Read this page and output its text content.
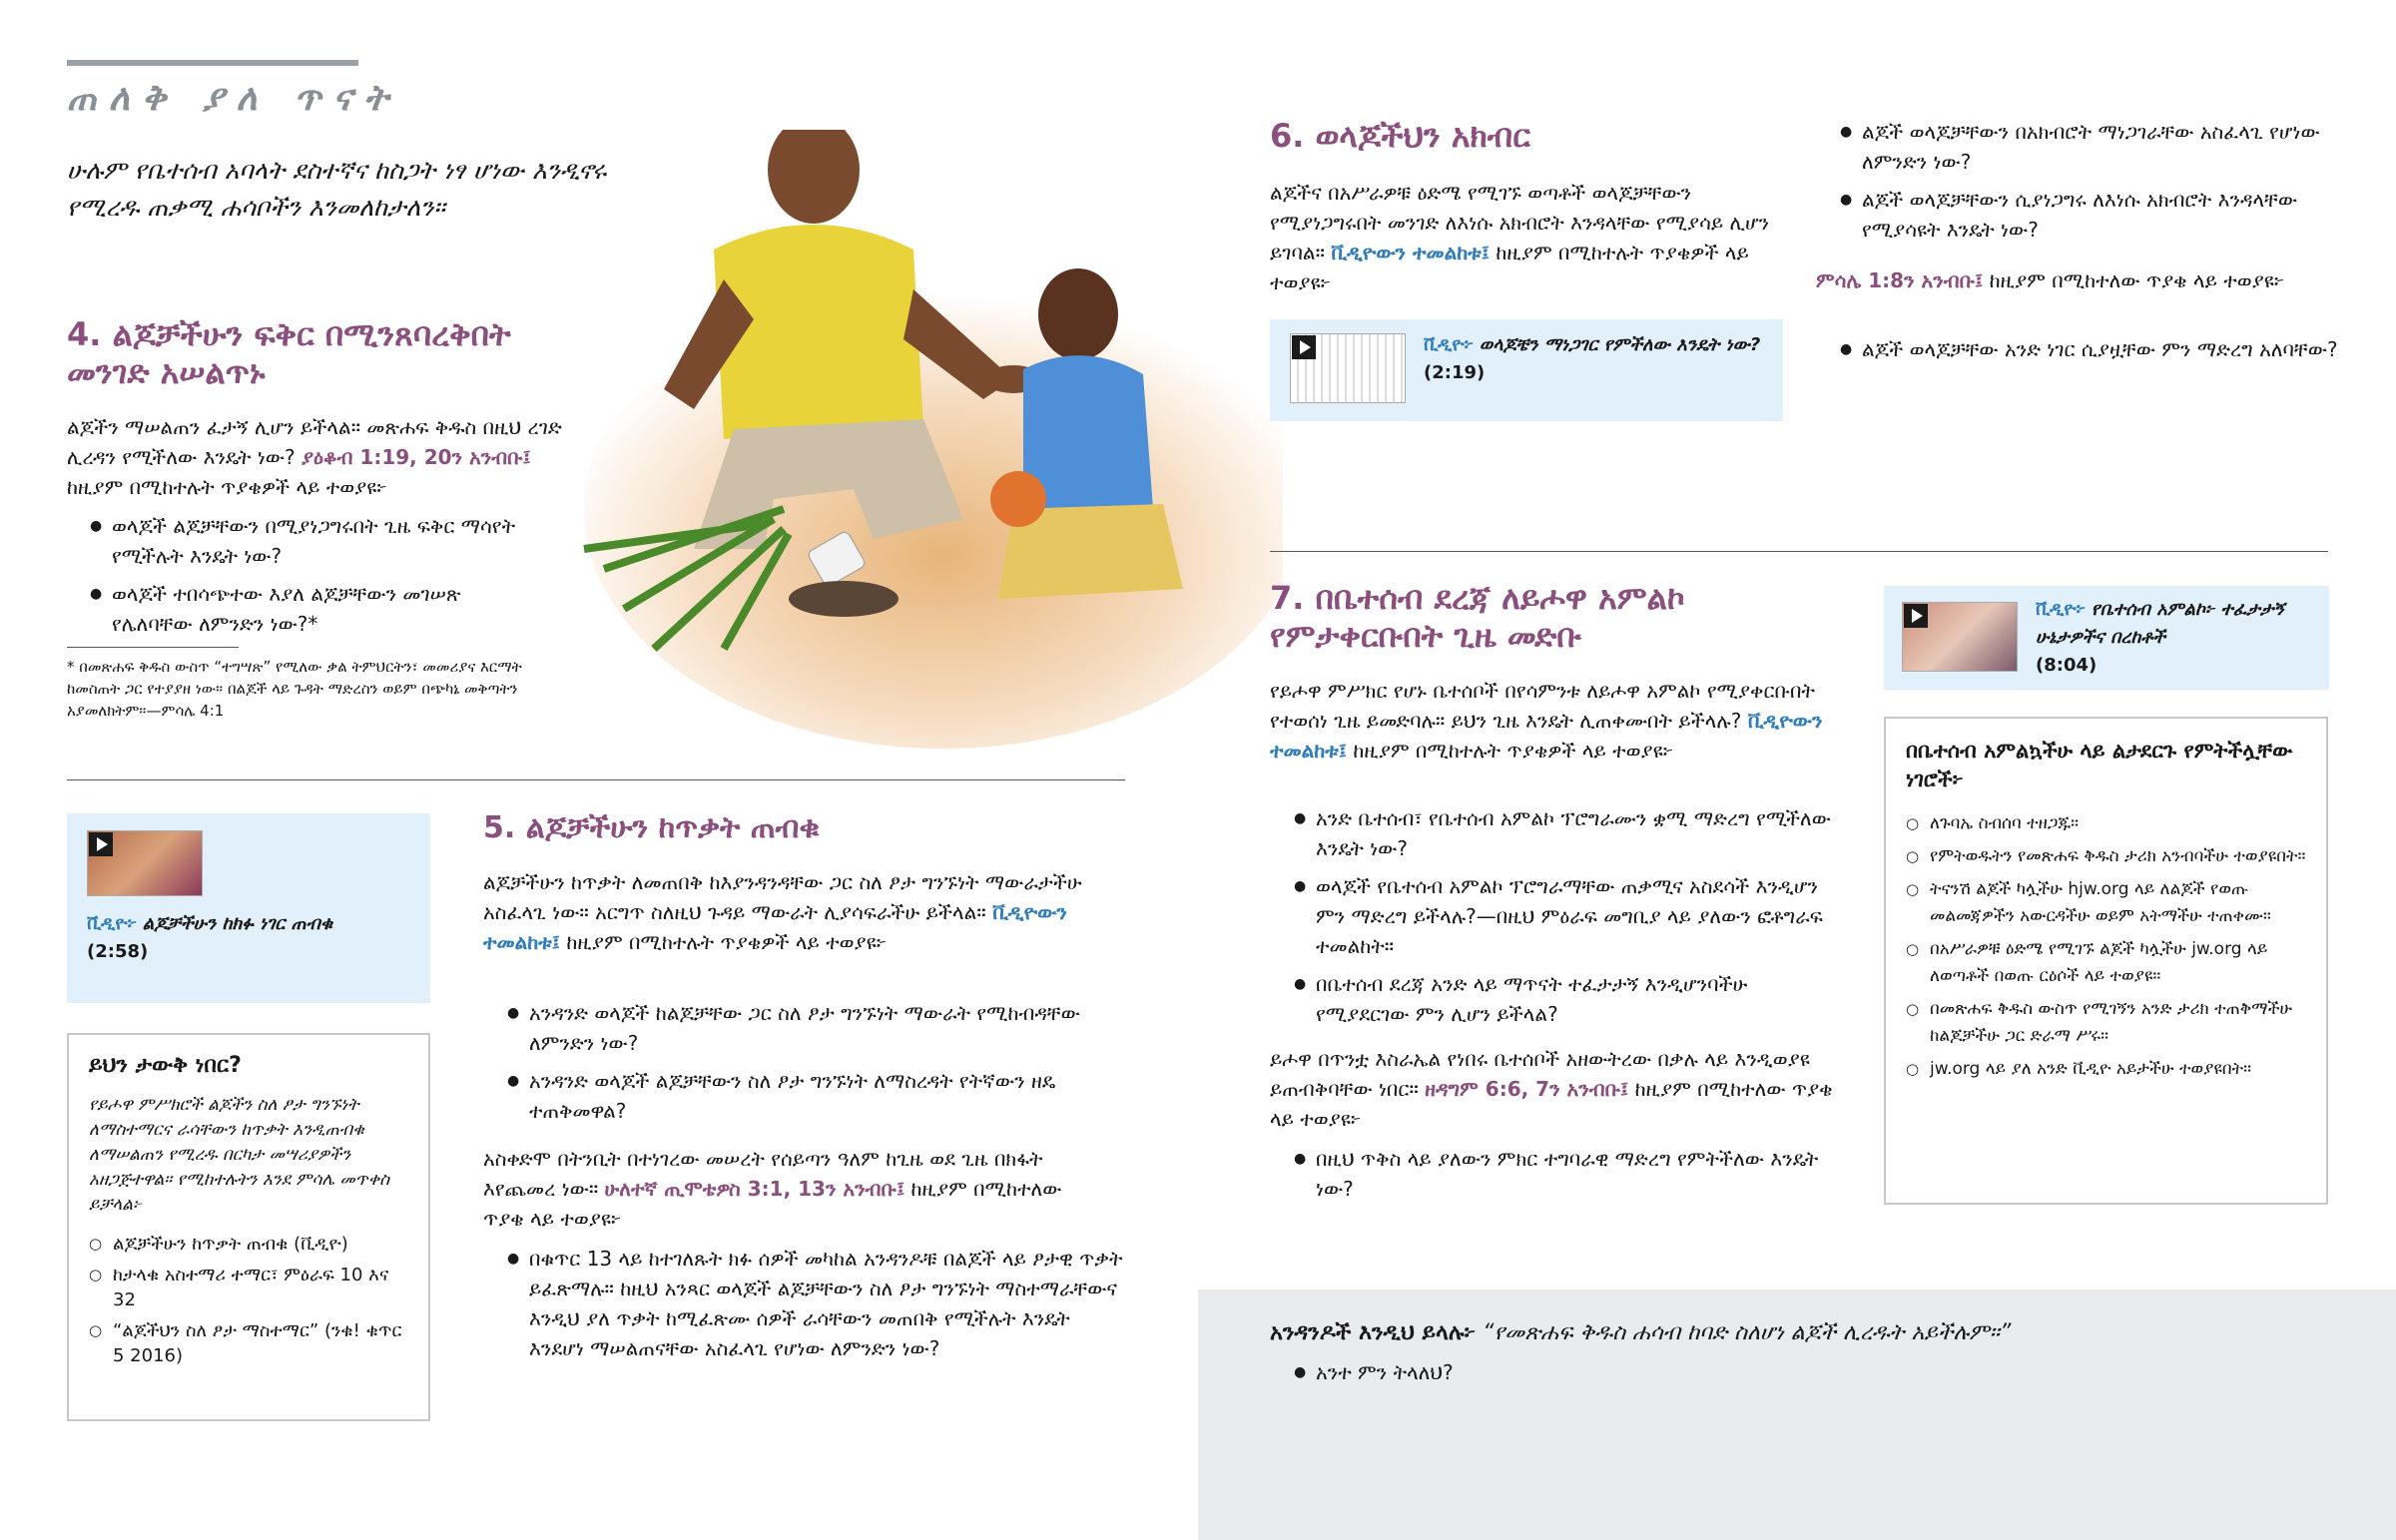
ጠለቅ ያለ ጥናት
ሁሉም የቤተሰብ አባላት ደስተኛና ከስጋት ነፃ ሆነው እንዲኖሩ የሚረዱ ጠቃሚ ሐሳቦችን እንመለከታለን።
4. ልጆቻችሁን ፍቅር በሚንጸባረቅበት መንገድ አሠልጥኑ
ልጆችን ማሠልጠን ፈታኝ ሊሆን ይችላል። መጽሐፍ ቅዱስ በዚህ ረገድ ሊረዳን የሚችለው እንዴት ነው? ያዕቆብ 1:19, 20ን አንብቡ፤ ከዚያም በሚከተሉት ጥያቄዎች ላይ ተወያዩ፦
● ወላጆች ልጆቻቸውን በሚያነጋግሩበት ጊዜ ፍቅር ማሳየት የሚችሉት እንዴት ነው?
● ወላጆች ተበሳጭተው እያለ ልጆቻቸውን መገሠጽ የሌለባቸው ለምንድን ነው?*
* በመጽሐፍ ቅዱስ ውስጥ “ተግሣጽ” የሚለው ቃል ትምህርትን፣ መመሪያና እርማት ከመስጠት ጋር የተያያዘ ነው። በልጆች ላይ ጉዳት ማድረስን ወይም በጭካኔ መቅጣትን አያመለክትም።—ምሳሌ 4:1
ቪዲዮ፦ ልጆቻችሁን ከክፉ ነገር ጠብቁ
(2:58)
ይህን ታውቅ ነበር?
የይሖዋ ምሥክሮች ልጆችን ስለ ፆታ ግንኙነት ለማስተማርና ራሳቸውን ከጥቃት እንዲጠብቁ ለማሠልጠን የሚረዱ በርካታ መሣሪያዎችን አዘጋጅተዋል። የሚከተሉትን እንደ ምሳሌ መጥቀስ ይቻላል፦
○ ልጆቻችሁን ከጥቃት ጠብቁ (ቪዲዮ)
○ ከታላቁ አስተማሪ ተማር፣ ምዕራፍ 10 እና 32
○ “ልጆችህን ስለ ፆታ ማስተማር” (ንቁ! ቁጥር 5 2016)
5. ልጆቻችሁን ከጥቃት ጠብቁ
ልጆቻችሁን ከጥቃት ለመጠበቅ ከእያንዳንዳቸው ጋር ስለ ፆታ ግንኙነት ማውራታችሁ አስፈላጊ ነው። አርግጥ ስለዚህ ጉዳይ ማውራት ሊያሳፍራችሁ ይችላል። ቪዲዮውን ተመልከቱ፤ ከዚያም በሚከተሉት ጥያቄዎች ላይ ተወያዩ፦
● አንዳንድ ወላጆች ከልጆቻቸው ጋር ስለ ፆታ ግንኙነት ማውራት የሚከብዳቸው ለምንድን ነው?
● አንዳንድ ወላጆች ልጆቻቸውን ስለ ፆታ ግንኙነት ለማስረዳት የትኛውን ዘዴ ተጠቅመዋል?
አስቀድሞ በትንቢት በተነገረው መሠረት የሰይጣን ዓለም ከጊዜ ወደ ጊዜ በክፋት እየጨመረ ነው። ሁለተኛ ጢሞቴዎስ 3:1, 13ን አንብቡ፤ ከዚያም በሚከተለው ጥያቄ ላይ ተወያዩ፦
● በቁጥር 13 ላይ ከተገለጹት ክፉ ሰዎች መካከል አንዳንዶቹ በልጆች ላይ ፆታዊ ጥቃት ይፈጽማሉ። ከዚህ አንጻር ወላጆች ልጆቻቸውን ስለ ፆታ ግንኙነት ማስተማራቸውና እንዲህ ያለ ጥቃት ከሚፈጽሙ ሰዎች ራሳቸውን መጠበቅ የሚችሉት እንዴት እንደሆነ ማሠልጠናቸው አስፈላጊ የሆነው ለምንድን ነው?
6. ወላጆችህን አክብር
ልጆችና በአሥራዎቹ ዕድሜ የሚገኙ ወጣቶች ወላጆቻቸውን የሚያነጋግሩበት መንገድ ለእነሱ አክብሮት እንዳላቸው የሚያሳይ ሊሆን ይገባል። ቪዲዮውን ተመልከቱ፤ ከዚያም በሚከተሉት ጥያቄዎች ላይ ተወያዩ፦
ቪዲዮ፦ ወላጆቼን ማነጋገር የምችለው እንዴት ነው? (2:19)
● ልጆች ወላጆቻቸውን በአክብሮት ማነጋገራቸው አስፈላጊ የሆነው ለምንድን ነው?
● ልጆች ወላጆቻቸውን ሲያነጋግሩ ለእነሱ አክብሮት እንዳላቸው የሚያሳዩት እንዴት ነው?
ምሳሌ 1:8ን አንብቡ፤ ከዚያም በሚከተለው ጥያቄ ላይ ተወያዩ፦
● ልጆች ወላጆቻቸው አንድ ነገር ሲያዟቸው ምን ማድረግ አለባቸው?
7. በቤተሰብ ደረጃ ለይሖዋ አምልኮ የምታቀርቡበት ጊዜ መድቡ
የይሖዋ ምሥክር የሆኑ ቤተሰቦች በየሳምንቱ ለይሖዋ አምልኮ የሚያቀርቡበት የተወሰነ ጊዜ ይመድባሉ። ይህን ጊዜ እንዴት ሊጠቀሙበት ይችላሉ? ቪዲዮውን ተመልከቱ፤ ከዚያም በሚከተሉት ጥያቄዎች ላይ ተወያዩ፦
● አንድ ቤተሰብ፣ የቤተሰብ አምልኮ ፕሮግራሙን ቋሚ ማድረግ የሚችለው እንዴት ነው?
● ወላጆች የቤተሰብ አምልኮ ፕሮግራማቸው ጠቃሚና አስደሳች እንዲሆን ምን ማድረግ ይችላሉ?—በዚህ ምዕራፍ መግቢያ ላይ ያለውን ፎቶግራፍ ተመልከት።
● በቤተሰብ ደረጃ አንድ ላይ ማጥናት ተፈታታኝ እንዲሆንባችሁ የሚያደርገው ምን ሊሆን ይችላል?
ይሖዋ በጥንቷ እስራኤል የነበሩ ቤተሰቦች አዘውትረው በቃሉ ላይ እንዲወያዩ ይጠብቅባቸው ነበር። ዘዳግም 6:6, 7ን አንብቡ፤ ከዚያም በሚከተለው ጥያቄ ላይ ተወያዩ፦
● በዚህ ጥቅስ ላይ ያለውን ምክር ተግባራዊ ማድረግ የምትችለው እንዴት ነው?
ቪዲዮ፦ የቤተሰብ አምልኮ፦ ተፈታታኝ ሁኔታዎችና በረከቶች
(8:04)
በቤተሰብ አምልኳችሁ ላይ ልታደርጉ የምትችሏቸው ነገሮች፦
○ ለጉባኤ ስብሰባ ተዘጋጁ።
○ የምትወዱትን የመጽሐፍ ቅዱስ ታሪክ አንብባችሁ ተወያዩበት።
○ ትናንሽ ልጆች ካሏችሁ hjw.org ላይ ለልጆች የወጡ መልመጃዎችን አውርዳችሁ ወይም አትማችሁ ተጠቀሙ።
○ በአሥራዎቹ ዕድሜ የሚገኙ ልጆች ካሏችሁ jw.org ላይ ለወጣቶች በወጡ ርዕሶች ላይ ተወያዩ።
○ በመጽሐፍ ቅዱስ ውስጥ የሚገኝን አንድ ታሪክ ተጠቅማችሁ ከልጆቻችሁ ጋር ድራማ ሥሩ።
○ jw.org ላይ ያለ አንድ ቪዲዮ አይታችሁ ተወያዩበት።
አንዳንዶች እንዲህ ይላሉ፦ “የመጽሐፍ ቅዱስ ሐሳብ ከባድ ስለሆነ ልጆች ሊረዱት አይችሉም።”
● አንተ ምን ትላለህ?
